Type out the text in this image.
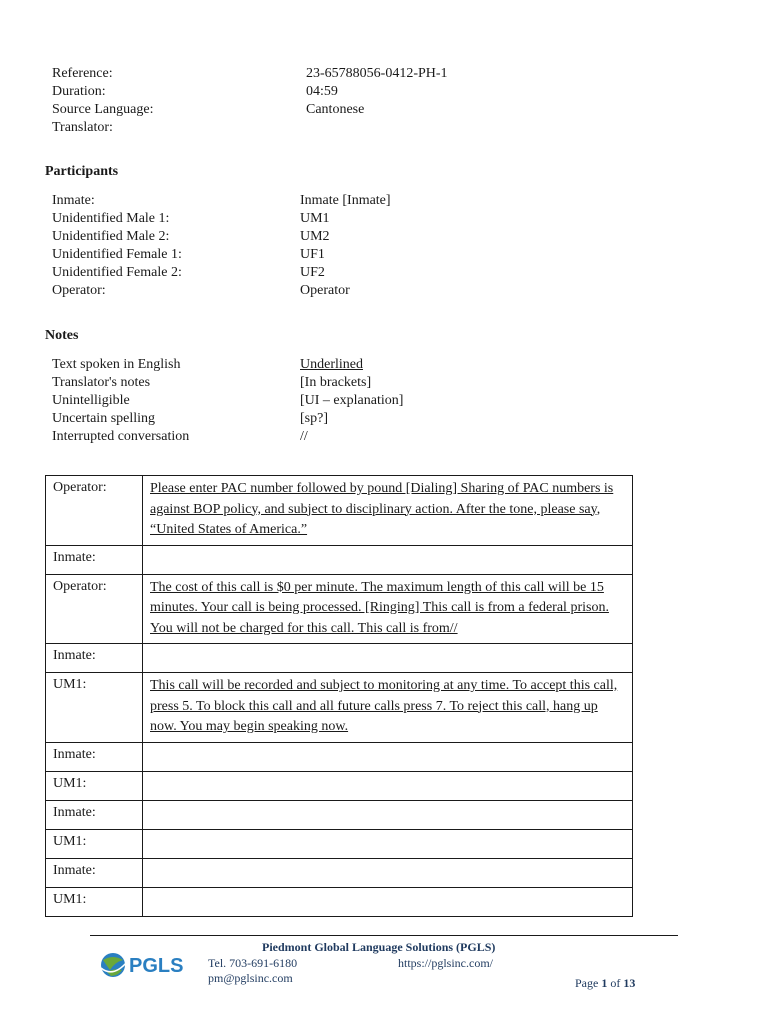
Reference:	23-65788056-0412-PH-1
Duration:	04:59
Source Language:	Cantonese
Translator:
Participants
Inmate:	Inmate [Inmate]
Unidentified Male 1:	UM1
Unidentified Male 2:	UM2
Unidentified Female 1:	UF1
Unidentified Female 2:	UF2
Operator:	Operator
Notes
Text spoken in English	Underlined
Translator's notes	[In brackets]
Unintelligible	[UI – explanation]
Uncertain spelling	[sp?]
Interrupted conversation	//
Operator:	Please enter PAC number followed by pound [Dialing] Sharing of PAC numbers is against BOP policy, and subject to disciplinary action. After the tone, please say, “United States of America.”
Inmate:	
Operator:	The cost of this call is $0 per minute. The maximum length of this call will be 15 minutes. Your call is being processed. [Ringing] This call is from a federal prison. You will not be charged for this call. This call is from//
Inmate:	
UM1:	This call will be recorded and subject to monitoring at any time. To accept this call, press 5. To block this call and all future calls press 7. To reject this call, hang up now. You may begin speaking now.
Inmate:	
UM1:	
Inmate:	
UM1:	
Inmate:	
UM1:	
Piedmont Global Language Solutions (PGLS)
PGLS Tel. 703-691-6180
pm@pglsinc.com
https://pglsinc.com/
Page 1 of 13
